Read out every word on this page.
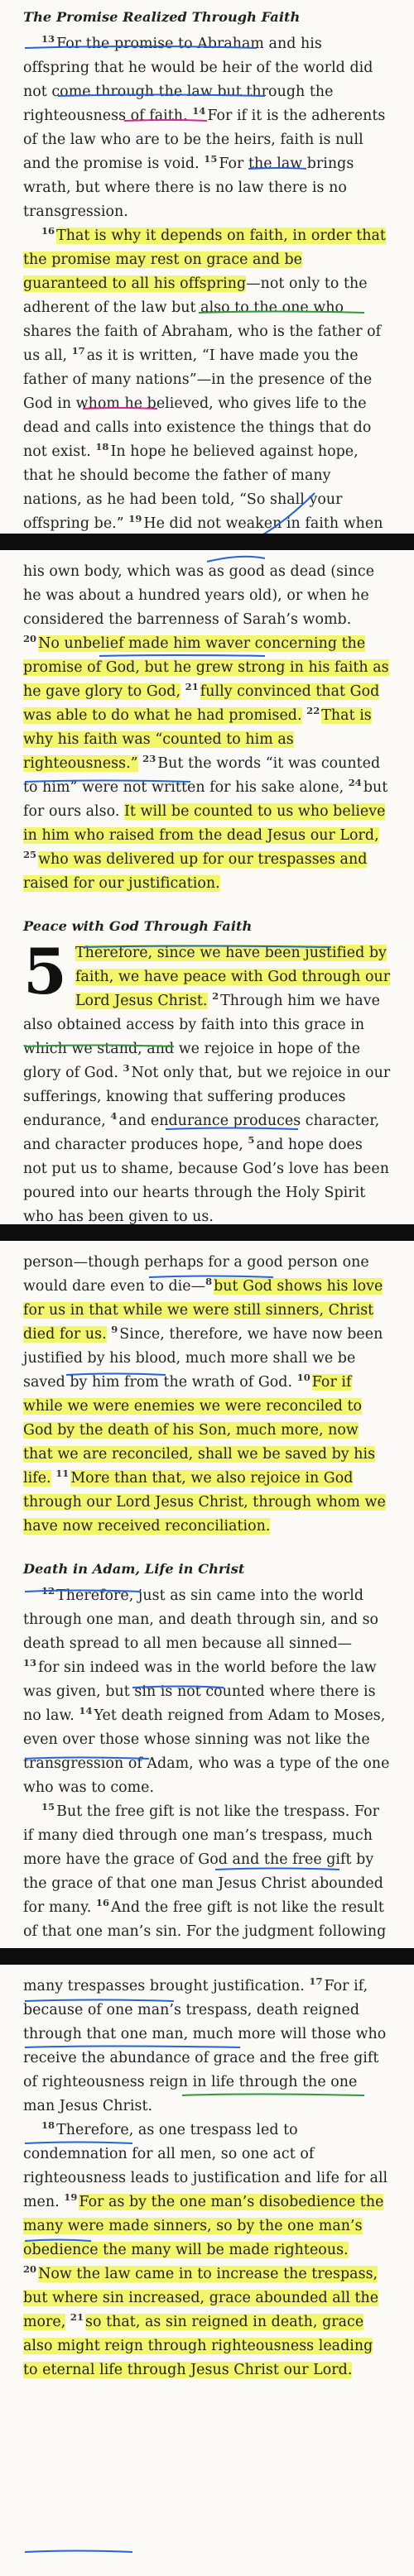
The Promise Realized Through Faith

$^{13}$ For the promise to Abraham and his offspring that he would be heir of the world did not come through the law but through the righteousness of faith. $^{14}$ For if it is the adherents of the law who are to be the heirs, faith is null and the promise is void. $^{15}$ For the law brings wrath, but where there is no law there is no transgression.

$^{16}$ That is why it depends on faith, in order that the promise may rest on grace and be guaranteed to all his offspring—not only to the adherent of the law but also to the one who shares the faith of Abraham, who is the father of us all, $^{17}$ as it is written, “I have made you the father of many nations”—in the presence of the God in whom he believed, who gives life to the dead and calls into existence the things that do not exist. $^{18}$ In hope he believed against hope, that he should become the father of many nations, as he had been told, “So shall your offspring be.” $^{19}$ He did not weaken in faith when

his own body, which was as good as dead (since he was about a hundred years old), or when he considered the barrenness of Sarah’s womb. $^{20}$ No unbelief made him waver concerning the promise of God, but he grew strong in his faith as he gave glory to God, $^{21}$ fully convinced that God was able to do what he had promised. $^{22}$ That is why his faith was “counted to him as righteousness.” $^{23}$ But the words “it was counted to him” were not written for his sake alone, $^{24}$ but for ours also. It will be counted to us who believe in him who raised from the dead Jesus our Lord, $^{25}$ who was delivered up for our trespasses and raised for our justification.

Peace with God Through Faith

5 Therefore, since we have been justified by faith, we have peace with God through our Lord Jesus Christ. $^2$ Through him we have also obtained access by faith into this grace in which we stand, and we rejoice in hope of the glory of God. $^3$ Not only that, but we rejoice in our sufferings, knowing that suffering produces endurance, $^4$ and endurance produces character, and character produces hope, $^5$ and hope does not put us to shame, because God’s love has been poured into our hearts through the Holy Spirit who has been given to us.

person—though perhaps for a good person one would dare even to die—$^8$ but God shows his love for us in that while we were still sinners, Christ died for us. $^9$ Since, therefore, we have now been justified by his blood, much more shall we be saved by him from the wrath of God. $^{10}$ For if while we were enemies we were reconciled to God by the death of his Son, much more, now that we are reconciled, shall we be saved by his life. $^{11}$ More than that, we also rejoice in God through our Lord Jesus Christ, through whom we have now received reconciliation.

Death in Adam, Life in Christ

$^{12}$ Therefore, just as sin came into the world through one man, and death through sin, and so death spread to all men because all sinned— $^{13}$ for sin indeed was in the world before the law was given, but sin is not counted where there is no law. $^{14}$ Yet death reigned from Adam to Moses, even over those whose sinning was not like the transgression of Adam, who was a type of the one who was to come.

$^{15}$ But the free gift is not like the trespass. For if many died through one man’s trespass, much more have the grace of God and the free gift by the grace of that one man Jesus Christ abounded for many. $^{16}$ And the free gift is not like the result of that one man’s sin. For the judgment following

many trespasses brought justification. $^{17}$ For if, because of one man’s trespass, death reigned through that one man, much more will those who receive the abundance of grace and the free gift of righteousness reign in life through the one man Jesus Christ.

$^{18}$ Therefore, as one trespass led to condemnation for all men, so one act of righteousness leads to justification and life for all men. $^{19}$ For as by the one man’s disobedience the many were made sinners, so by the one man’s obedience the many will be made righteous. $^{20}$ Now the law came in to increase the trespass, but where sin increased, grace abounded all the more, $^{21}$ so that, as sin reigned in death, grace also might reign through righteousness leading to eternal life through Jesus Christ our Lord.
